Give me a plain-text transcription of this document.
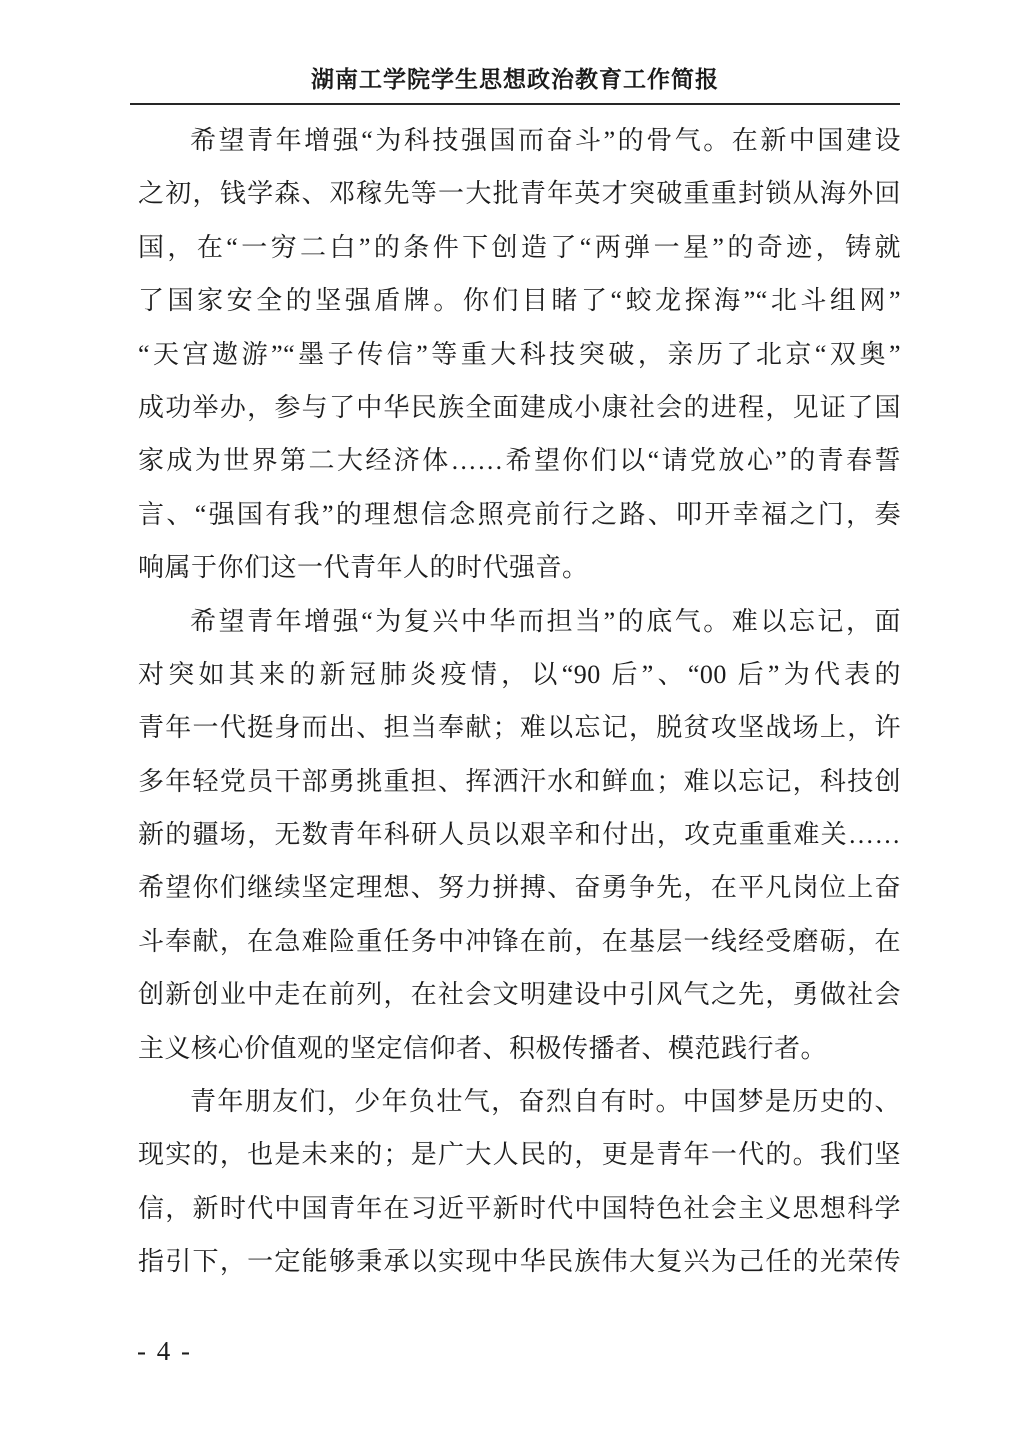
湖南工学院学生思想政治教育工作简报
希望青年增强“为科技强国而奋斗”的骨气。在新中国建设
之初，钱学森、邓稼先等一大批青年英才突破重重封锁从海外回
国，在“一穷二白”的条件下创造了“两弹一星”的奇迹，铸就
了国家安全的坚强盾牌。你们目睹了“蛟龙探海”“北斗组网”
“天宫遨游”“墨子传信”等重大科技突破，亲历了北京“双奥”
成功举办，参与了中华民族全面建成小康社会的进程，见证了国
家成为世界第二大经济体……希望你们以“请党放心”的青春誓
言、“强国有我”的理想信念照亮前行之路、叩开幸福之门，奏
响属于你们这一代青年人的时代强音。
希望青年增强“为复兴中华而担当”的底气。难以忘记，面
对突如其来的新冠肺炎疫情，以“90 后”、“00 后”为代表的
青年一代挺身而出、担当奉献；难以忘记，脱贫攻坚战场上，许
多年轻党员干部勇挑重担、挥洒汗水和鲜血；难以忘记，科技创
新的疆场，无数青年科研人员以艰辛和付出，攻克重重难关……
希望你们继续坚定理想、努力拼搏、奋勇争先，在平凡岗位上奋
斗奉献，在急难险重任务中冲锋在前，在基层一线经受磨砺，在
创新创业中走在前列，在社会文明建设中引风气之先，勇做社会
主义核心价值观的坚定信仰者、积极传播者、模范践行者。
青年朋友们，少年负壮气，奋烈自有时。中国梦是历史的、
现实的，也是未来的；是广大人民的，更是青年一代的。我们坚
信，新时代中国青年在习近平新时代中国特色社会主义思想科学
指引下，一定能够秉承以实现中华民族伟大复兴为己任的光荣传
- 4 -
